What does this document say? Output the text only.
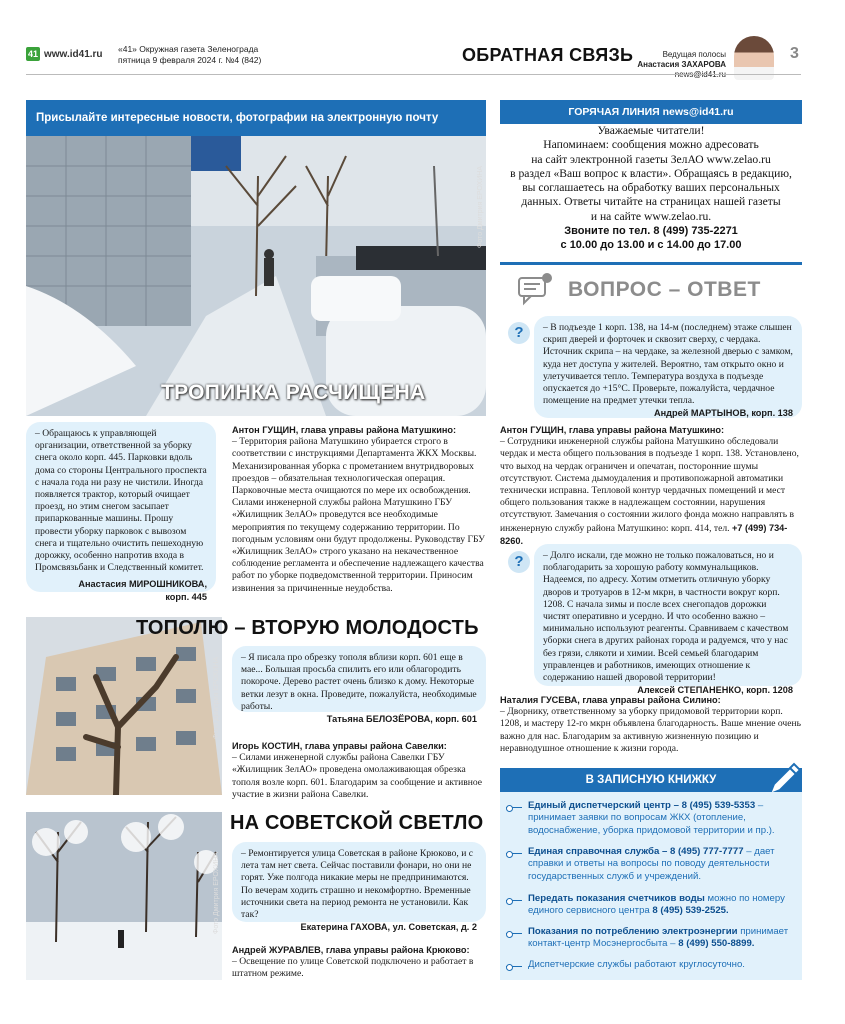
41 www.id41.ru «41» Окружная газета Зеленограда
пятница 9 февраля 2024 г. №4 (842)	ОБРАТНАЯ СВЯЗЬ	Ведущая полосы
Анастасия ЗАХАРОВА
3
Присылайте интересные новости, фотографии на электронную почту
Фото Дмитрия ЕРОХИНА
ТРОПИНКА РАСЧИЩЕНА
– Обращаюсь к управляющей организации, ответственной за уборку снега около корп. 445. Парковки вдоль дома со стороны Центрального проспекта с начала года ни разу не чистили. Иногда появляется трактор, который очищает проезд, но этим снегом засыпает припаркованные машины. Прошу провести уборку парковок с вывозом снега и тщательно очистить пешеходную дорожку, особенно напротив входа в Промсвязьбанк и Следственный комитет.
Анастасия МИРОШНИКОВА,
корп. 445
Антон ГУЩИН, глава управы района Матушкино:
– Территория района Матушкино убирается строго в соответствии с инструкциями Департамента ЖКХ Москвы. Механизированная уборка с прометанием внутридворовых проездов – обязательная технологическая операция. Парковочные места очищаются по мере их освобождения. Силами инженерной службы района Матушкино ГБУ «Жилищник ЗелАО» проведутся все необходимые мероприятия по текущему содержанию территории. По погодным условиям они будут продолжены. Руководству ГБУ «Жилищник ЗелАО» строго указано на некачественное соблюдение регламента и обеспечение надлежащего качества работ по уборке подведомственной территории. Приносим извинения за причиненные неудобства.
Фото Дмитрия ЕРОХИНА
ТОПОЛЮ – ВТОРУЮ МОЛОДОСТЬ
– Я писала про обрезку тополя вблизи корп. 601 еще в мае... Большая просьба спилить его или облагородить покороче. Дерево растет очень близко к дому. Некоторые ветки лезут в окна. Проведите, пожалуйста, необходимые работы.
Татьяна БЕЛОЗЁРОВА, корп. 601
Игорь КОСТИН, глава управы района Савелки:
– Силами инженерной службы района Савелки ГБУ «Жилищник ЗелАО» проведена омолаживающая обрезка тополя возле корп. 601. Благодарим за сообщение и активное участие в жизни района Савелки.
Фото Дмитрия ЕРОХИНА
НА СОВЕТСКОЙ СВЕТЛО
– Ремонтируется улица Советская в районе Крюково, и с лета там нет света. Сейчас поставили фонари, но они не горят. Уже полгода никакие меры не предпринимаются. По вечерам ходить страшно и некомфортно. Временные источники света на период ремонта не установили. Как так?
Екатерина ГАХОВА, ул. Советская, д. 2
Андрей ЖУРАВЛЕВ, глава управы района Крюково:
– Освещение по улице Советской подключено и работает в штатном режиме.
ГОРЯЧАЯ ЛИНИЯ news@id41.ru
Уважаемые читатели!
Напоминаем: сообщения можно адресовать
на сайт электронной газеты ЗелАО www.zelao.ru
в раздел «Ваш вопрос к власти». Обращаясь в редакцию,
вы соглашаетесь на обработку ваших персональных
данных. Ответы читайте на страницах нашей газеты
и на сайте www.zelao.ru.
Звоните по тел. 8 (499) 735-2271
с 10.00 до 13.00 и с 14.00 до 17.00
ВОПРОС – ОТВЕТ
?	– В подъезде 1 корп. 138, на 14-м (последнем) этаже слышен скрип дверей и форточек и сквозит сверху, с чердака. Источник скрипа – на чердаке, за железной дверью с замком, куда нет доступа у жителей. Вероятно, там открыто окно и улетучивается тепло. Температура воздуха в подъезде опускается до +15°С. Проверьте, пожалуйста, чердачное помещение на предмет утечки тепла.
Андрей МАРТЫНОВ, корп. 138
Антон ГУЩИН, глава управы района Матушкино:
– Сотрудники инженерной службы района Матушкино обследовали чердак и места общего пользования в подъезде 1 корп. 138. Установлено, что выход на чердак ограничен и опечатан, посторонние шумы отсутствуют. Система дымоудаления и противопожарной автоматики технически исправна. Тепловой контур чердачных помещений и мест общего пользования также в надлежащем состоянии, нарушения отсутствуют. Замечания о состоянии жилого фонда можно направлять в инженерную службу района Матушкино: корп. 414, тел. +7 (499) 734-8260.
?	– Долго искали, где можно не только пожаловаться, но и поблагодарить за хорошую работу коммунальщиков. Надеемся, по адресу. Хотим отметить отличную уборку дворов и тротуаров в 12-м мкрн, в частности вокруг корп. 1208. С начала зимы и после всех снегопадов дорожки чистят оперативно и усердно. И что особенно важно – минимально используют реагенты. Сравниваем с качеством уборки снега в других районах города и радуемся, что у нас без грязи, слякоти и химии. Всей семьей благодарим управленцев и работников, имеющих отношение к содержанию нашей дворовой территории!
Алексей СТЕПАНЕНКО, корп. 1208
Наталия ГУСЕВА, глава управы района Силино:
– Дворнику, ответственному за уборку придомовой территории корп. 1208, и мастеру 12-го мкрн объявлена благодарность. Ваше мнение очень важно для нас. Благодарим за активную жизненную позицию и неравнодушное отношение к жизни города.
В ЗАПИСНУЮ КНИЖКУ
Единый диспетчерский центр – 8 (495) 539-5353 – принимает заявки по вопросам ЖКХ (отопление, водоснабжение, уборка придомовой территории и пр.).
Единая справочная служба – 8 (495) 777-7777 – дает справки и ответы на вопросы по поводу деятельности государственных служб и учреждений.
Передать показания счетчиков воды можно по номеру единого сервисного центра 8 (495) 539-2525.
Показания по потреблению электроэнергии принимает контакт-центр Мосэнергосбыта – 8 (499) 550-8899.
Диспетчерские службы работают круглосуточно.
